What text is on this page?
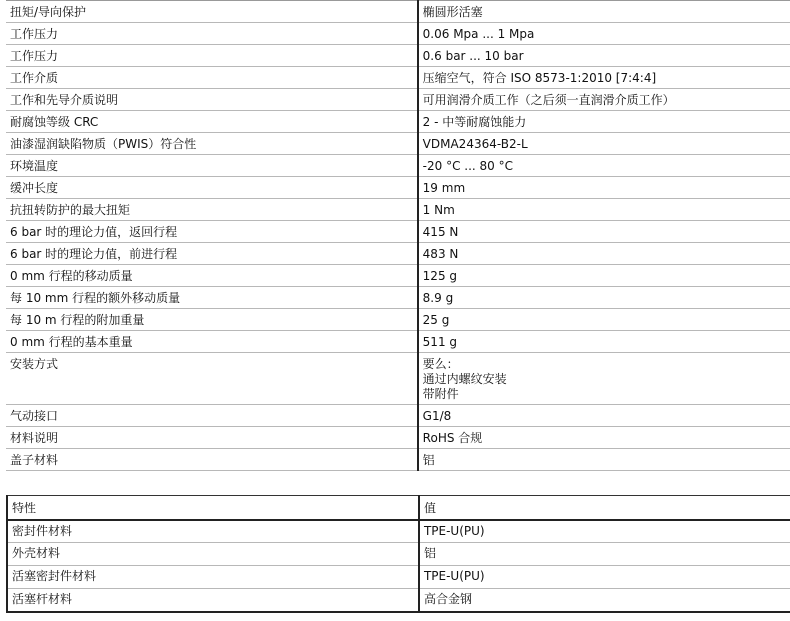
扭矩/导向保护	椭圆形活塞
工作压力	0.06 Mpa ... 1 Mpa
工作压力	0.6 bar ... 10 bar
工作介质	压缩空气，符合 ISO 8573-1:2010 [7:4:4]
工作和先导介质说明	可用润滑介质工作（之后须一直润滑介质工作）
耐腐蚀等级 CRC	2 - 中等耐腐蚀能力
油漆湿润缺陷物质（PWIS）符合性	VDMA24364-B2-L
环境温度	-20 °C ... 80 °C
缓冲长度	19 mm
抗扭转防护的最大扭矩	1 Nm
6 bar 时的理论力值，返回行程	415 N
6 bar 时的理论力值，前进行程	483 N
0 mm 行程的移动质量	125 g
每 10 mm 行程的额外移动质量	8.9 g
每 10 m 行程的附加重量	25 g
0 mm 行程的基本重量	511 g
安装方式	要么：
通过内螺纹安装
带附件

气动接口	G1/8
材料说明	RoHS 合规
盖子材料	铝
特性	值
密封件材料	TPE-U(PU)
外壳材料	铝
活塞密封件材料	TPE-U(PU)
活塞杆材料	高合金钢
